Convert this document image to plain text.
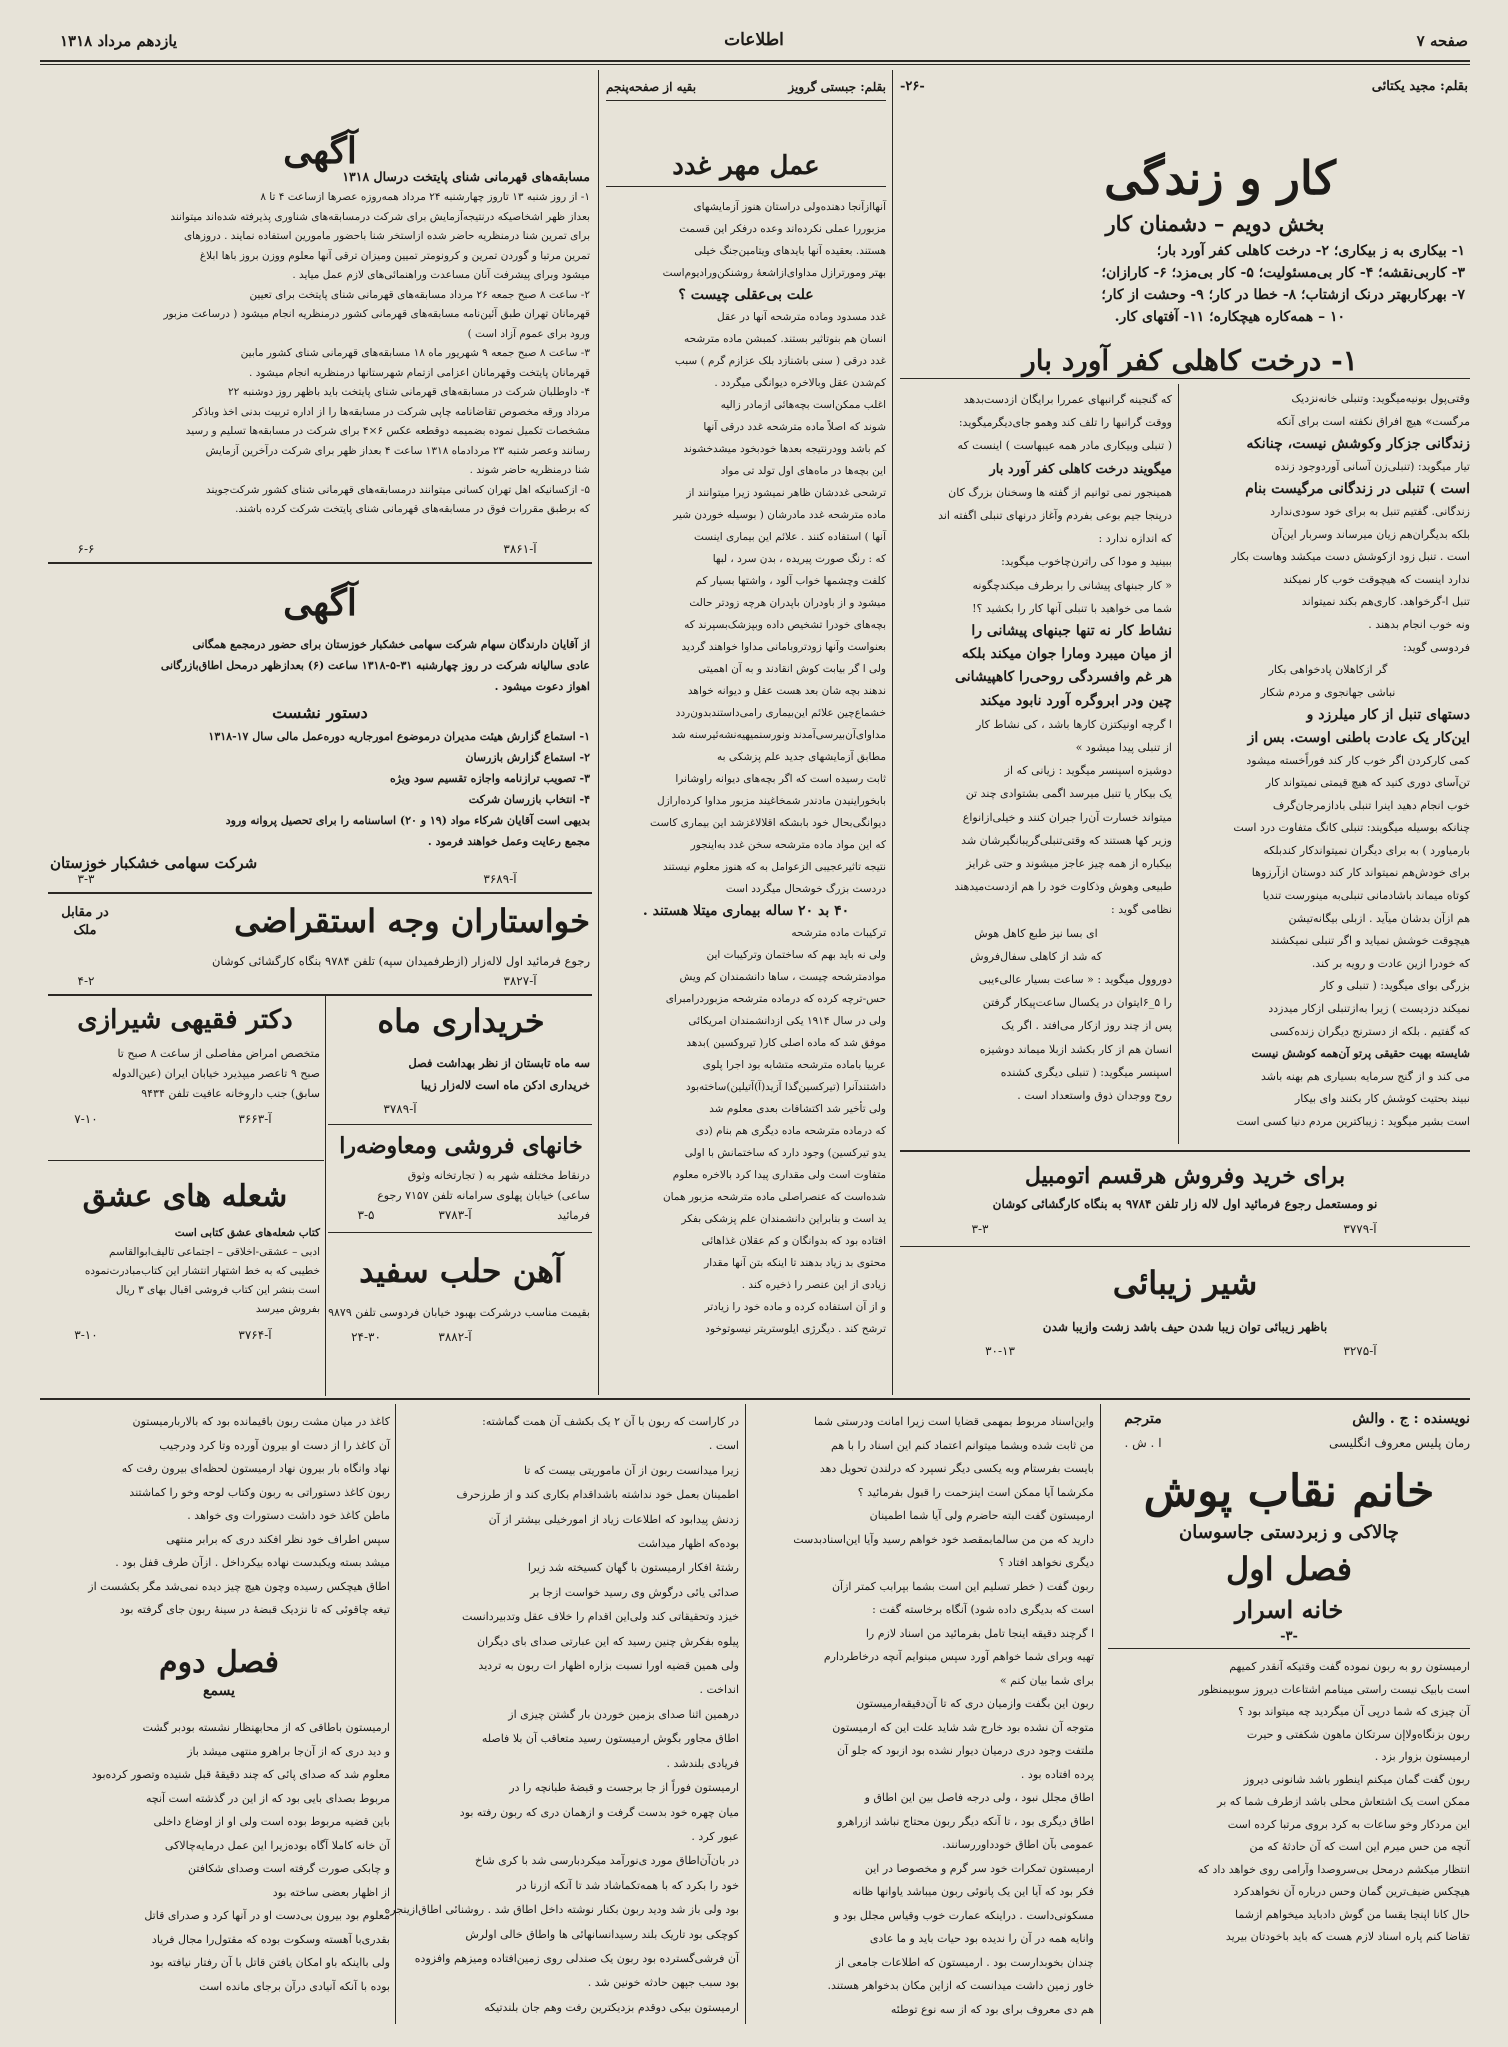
صفحه ۷
اطلاعات
یازدهم مرداد ۱۳۱۸
بقلم: مجید یکتائی
-۲۶-
کار و زندگی
بخش دویم – دشمنان کار

۱- بیکاری به ز بیکاری؛ ۲- درخت کاهلی کفر آورد بار؛

۳- کاربی‌نقشه؛ ۴- کار بی‌مسئولیت؛ ۵- کار بی‌مزد؛ ۶- کارازان؛

۷- بهرکاربهتر درنک ازشتاب؛ ۸- خطا در کار؛ ۹- وحشت از کار؛

۱۰ – همه‌کاره هیچکاره؛ ۱۱- آفتهای کار.

۱- درخت کاهلی کفر آورد بار

وقتی‌پول بونیه‌میگوید: وتنبلی خانه‌نزدیک

مرگست» هیچ افراق نکفته است برای آنکه

زندگانی جزکار وکوشش نیست، چنانکه

تیار میگوید: (تنبلی‌زن آسانی آوردوجود زنده

است ) تنبلی در زندگانی مرگیست بنام

زندگانی. گفتیم تنبل به برای خود سودی‌ندارد

بلکه بدیگران‌هم زیان میرساند وسربار این‌آن

است . تنبل زود از‌کوشش دست میکشد و‌هاست بکار

ندارد اینست که هیچوقت خوب کار نمیکند

تنبل ا-گرخواهد. کاری‌هم بکند نمیتواند

ونه خوب انجام بدهند .

فردوسی گوید:

گر ازکاهلان پادخواهی بکار

نباشی جهانجوی و مردم شکار

دستهای تنبل از کار میلرزد و

این‌کار یک عادت باطنی اوست. بس از

کمی کارکردن اگر خوب کار کند فوراً‌خسته میشود

تن‌آسای دوری کنید که هیچ قیمتی نمیتواند کار

خوب انجام دهید اینرا تنبلی بادازمرجان‌گرف

چنانکه بوسیله میگویند: تنبلی کانگ متفاوت درد است

بارمیاورد ) به برای دیگران نمیتواندکار کندبلکه

برای خودش‌هم نمیتواند کار کند دوستان ازآرزوها

کوتاه میماند باشادمانی تنبلی‌به‌ مینورست تندیا

هم ازآن بدشان میآید . ازبلی بیگانه‌تیشن

هیچوقت خوشش نمیاید و اگر تنبلی نمیکشند

که خودرا ازین عادت و رویه بر کند.

بزرگی بو‌ای میگوید: ( تنبلی و کار

نمیکند دزدیست ) زیرا به‌ازتنبلی ازکار میدزدد

که گفتیم . بلکه از دسترنج دیگران زنده‌کسی

شایسته بهیت حقیقی پرتو آن‌همه کوشش نیست

می کند و از گنج سرمایه بسیاری هم بهنه باشد

نبیند بحتیت کوشش کار بکنند وای بیکار

است بشیر میگوید : زیباکترین مردم دنیا کسی است

که گنجینه گرانبهای عمررا برایگان ازدست‌بدهد

ووقت گرانبها را تلف کند وهمو جای‌دیگرمیگوید:

( تنبلی وبیکاری مادر همه عیبهاست ) اینست که

میگویند درخت کاهلی کفر آورد بار

همینجور نمی توانیم از گفته ها وسخنان بزرگ کان

درپنجا‌ جیم بوعی بفرد‌م وآغاز درنهای تنبلی اگفته اند

که اندازه ندارد :

ببینید و مودا کی راترن‌چاخوب میگوید:

« کار جبنهای پیشانی را برطرف میکند‌چگونه

شما می خواهید با تنبلی آنها‌ کار را بکشید ؟!

نشاط کار نه تنها جبنهای پیشانی را

از میان میبرد ومارا جوان میکند بلکه

هر غم وافسردگی روحی‌را کاهپیشانی

چین ودر ابروگره آورد نابود میکند

ا گرچه اونیکتزن کارها باشد ، کی نشاط کار

از تنبلی پیدا میشود »

دوشیزه اسپنسر میگوید : زیانی که از

یک بیکار یا تنبل میرسد اگمی بشتوادی چند تن

میتواند خسارت آن‌را جبران کنند و خیلی‌از‌انواع

وزیر کها هستند که وقتی‌تنبلی‌گریبانگیرشان شد

بیکباره از همه چیز عاجز میشوند و حتی غرایز

طبیعی وهوش وذکاوت خود را هم ازدست‌میدهند

نظامی گوید :

ای بسا نیز طبع کاهل هوش

که شد از کاهلی سفال‌فروش

دوروول میگوید : « ساعت بسیار عالی‌ءیبی

را ۵_۶ایتوان در یکسال ساعت‌پیکار گرفتن

پس از چند روز ازکار می‌افتد . اگر یک

انسان هم از کار بکشد از‌بلا میماند دوشیزه

اسپنسر میگوید: ( تنبلی دیگری کشنده

روح ووجدان ذوق واستعداد است .

برای خرید وفروش هرقسم اتومبیل
نو ومستعمل رجوع فرمائید اول لاله زار تلفن ۹۷۸۴ به بنگاه کارگشائی کوشان
آ-۳۷۷۹
۳-۳
شیر زیبائی
باظهر زیبائی توان زیبا شدن حیف باشد زشت وازیبا شدن
آ-۳۲۷۵
۳۰-۱۳
بقلم: جبستی گرویز
بقیه از صفحه‌پنجم
عمل مهر غدد

آنها‌ازآنجا دهنده‌ولی دراستان هنوز آزمایشهای

مزبوررا عملی نکرده‌اند وعده درفکر این قسمت

هستند. بعقیده آنها باید‌های ویتامین‌جنگ خیلی

بهتر ومورترازل مداوای‌ازاشعهٔ روشنکن‌ورادیوم‌است

علت بی‌عقلی چیست ؟

غدد مسدود وماده مترشحه آنها در عقل

انسان هم بنوتاثیر بستند. کمبشن ماده مترشحه

غدد درقی ( سنی باشنازد بلک عزازم گرم ) سبب

کم‌شدن عقل وبالاخره دیوانگی میگردد .

اغلب ممکن‌است بچه‌هائی ازمادر زالیه

شوند که اصلاً ماده مترشحه غدد درقی آنها

کم باشد وودرنتیجه بعدها خودبخود میشد‌خشوند

این بچه‌ها در ماه‌های اول تولد تی‌ مواد

ترشحی غددشان ظاهر نمیشود زیرا میتوانند از

ماده مترشحه غدد مادرشان ( بوسیله خوردن شیر

آنها ) استفاده کنند . علائم این بیماری اینست

که : رنگ صورت پیریده ، بدن سرد ، لبها

کلفت وچشمها خواب آلود ، واشتها بسیار کم

میشود و از باودران باپدران هرچه زودتر حالت

بچه‌های خودرا تشخیص داده وبپزشک‌بسپرند که

بعنواست وآنها زودتروبامانی مداوا خواهند گردید

ولی ا گر بیابت کوش انقادند و به آن اهمیتی

ندهند بچه شان بعد هست عقل‌ و دیوانه خواهد

خشماع‌چین علائم این‌بیماری رامی‌داستندبدون‌ردد

مداوای‌آن‌بیرسی‌آمدند ونورسنمیهیه‌نشه‌ئیرسنه شد

مطابق آزمایشهای جدید علم پزشکی به

ثابت رسیده است که اگر بچه‌های دیوانه راوشانرا

بابخوراینیدن مادندر شمخاغیند مزبور مداوا کرده‌ارازل

دیوانگی‌بحال خود بابشکه‌ اقلالاغزشد‌ این بیماری کاست

که این مواد ماده مترشحه سخن غدد به‌اینجور

نتیجه تاثیرعجیبی الزعوامل به که هنوز معلوم نیستند

دردست بزرگ خوشحال میگردد است

۴۰ بد ۲۰ ساله بیماری میتلا هستند .

ترکیبات ماده مترشحه

ولی نه باید بهم که ساختمان وترکیبات این

موادمترشحه چیست ، ساها دانشمندان کم ویش

حس-ترچه‌ کرده که درماده مترشحه مزبوردرامبرای

ولی در سال ۱۹۱۴ یکی ازدانشمندان امریکائی

موفق شد که ماده اصلی کار( تیروکسین )‌بدهد

عربیا باماده مترشحه متشابه بود اجرا پلوی

داشتند‌آنرا (تیرکسین‌گذا‌ آزید(آ)آتیلین)ساخته‌بود

ولی تأخیر شد اکتشافات بعدی معلوم شد

که درماده مترشحه ماده دیگری هم بنام (دی

یدو تیرکسین) وجود دارد که ساختمانش با اولی

متفاوت است ولی مقداری پیدا کرد بالاخره معلوم

شده‌است که عنصراصلی ماده مترشحه مزبور همان

ید است و بنابراین دانشمندان علم پزشکی بفکر

افتاده بود که بدوانگان و کم عقلان غذاهائی

محتوی بد زیاد بدهند تا اینکه بتن آنها مقدار

زیادی از این عنصر را ذخیره کند .

و از آن استفاده کرده و ماده خود را زیادتر

ترشح کند . دیگرژی ایلوستریتر نیسوتوخود

آگهی
مسابقه‌های قهرمانی شنای پایتخت درسال ۱۳۱۸

۱- از روز شنبه ۱۳ تاروز چهارشنبه ۲۴ مرداد همه‌روزه عصرها ازساعت ۴ تا ۸

بعداز ظهر اشخاصیکه درنتیجه‌آزمایش برای شرکت درمسابقه‌های شناوری پذیرفته شده‌اند میتوانند

برای تمرین شنا درمنظریه حاضر شده ازاستخر شنا باحضور مامورین استفاده نمایند . دروزهای

تمرین مرتبا و گوردن تمرین و کرونومتر تمیین ومیزان ترقی آنها معلوم ووزن بروز باها ابلاغ

میشود وبرای پیشرفت آنان مساعدت وراهنمائی‌های لازم عمل میاید .

۲- ساعت ۸ صبح جمعه ۲۶ مرداد مسابقه‌های قهرمانی شنای پایتخت برای تعیین

قهرمانان تهران طبق آئین‌نامه مسابقه‌های قهرمانی کشور درمنظریه انجام میشود ( درساعت مزبور

ورود برای عموم آزاد است )

۳- ساعت ۸ صبح جمعه ۹ شهریور ماه ۱۸ مسابقه‌های قهرمانی شنای کشور مابین

قهرمانان پایتخت وقهرمانان اعزامی ازتمام شهرستانها درمنظریه انجام میشود .

۴- داوطلبان شرکت در مسابقه‌های قهرمانی شنای پایتخت باید باظهر روز دوشنبه ۲۲

مرداد ورقه مخصوص تقاضانامه چاپی شرکت در مسابقه‌ها را از اداره تربیت بدنی اخذ وباذکر

مشخصات تکمیل نموده بضمیمه دوقطعه عکس ۶×۴ برای شرکت در مسابقه‌ها تسلیم و رسید

رسانند وعصر شنبه ۲۳ مردادماه ۱۳۱۸ ساعت ۴ بعداز ظهر برای شرکت درآخرین آزمایش

شنا درمنظریه حاضر شوند .

۵- ازکسانیکه اهل تهران کسانی میتوانند درمسابقه‌های قهرمانی شنای کشور شرکت‌جویند

که برطبق مقررات فوق در مسابقه‌های قهرمانی شنای پایتخت شرکت کرده باشند.

آ-۳۸۶۱
۶-۶
آگهی

از آقایان دارندگان سهام شرکت سهامی خشکبار خوزستان برای حضور درمجمع همگانی

عادی سالیانه شرکت در روز چهارشنبه ۳۱-۵-۱۳۱۸ ساعت (۶) بعدازظهر درمحل اطاق‌بازرگانی

اهواز دعوت میشود .

دستور نشست

۱- استماع گزارش هیئت مدیران درموضوع امورجاریه دوره‌عمل مالی سال ۱۷-۱۳۱۸

۲- استماع گزارش بازرسان

۳- تصویب ترازنامه واجازه تقسیم سود ویژه

۴- انتخاب بازرسان شرکت

بدیهی است آقایان شرکاء مواد (۱۹ و ۲۰) اساسنامه را برای تحصیل پروانه ورود

مجمع رعایت وعمل خواهند فرمود .

شرکت سهامی خشکبار خوزستان
آ-۳۶۸۹
۳-۳
خواستاران وجه استقراضی
در مقابل ملک
رجوع فرمائید اول لاله‌زار (ازطرفمیدان سپه) تلفن ۹۷۸۴ بنگاه کارگشائی کوشان
آ-۳۸۲۷
۴-۲
خریداری ماه

سه ماه تابستان از نظر بهداشت فصل

خریداری ادکن ماه است لاله‌زار زیبا

آ-۳۷۸۹
خانهای فروشی ومعاوضه‌را

درنقاط مختلفه شهر به ( تجارتخانه وثوق

ساعی) خیابان پهلوی سرامانه تلفن ۷۱۵۷ رجوع

فرمائید

آ-۳۷۸۳
۳-۵
آهن حلب سفید
بقیمت مناسب درشرکت بهبود خیابان فردوسی تلفن ۹۸۷۹
آ-۳۸۸۲
۲۴-۳۰
دکتر فقیهی شیرازی

متخصص امراض مفاصلی از ساعت ۸ صبح تا

صبح ۹ تاعصر میپذیرد خیابان ایران (عین‌الدوله

سابق) جنب داروخانه عافیت تلفن ۹۴۳۴

آ-۳۶۶۳
۷-۱۰
شعله های عشق

کتاب شعله‌های عشق کتابی است

ادبی – عشقی-اخلاقی – اجتماعی تالیف‌ابوالقاسم

خطیبی که به خط اشتهار انتشار این کتاب‌مبادرت‌نموده

است بنشر این کتاب فروشی اقبال بهای ۳ ریال

بفروش میرسد

آ-۳۷۶۴
۳-۱۰
نویسنده : ج . والش
مترجم
رمان پلیس معروف انگلیسی
ا . ش .
خانم نقاب پوش
چالاکی و زبردستی جاسوسان
فصل اول
خانه اسرار
-۳-

ارمیستون رو به ربون نموده گفت وقتیکه آنقدر کمیهم

است بابیک نیست راستی مینامم اشتاعات دیروز سو‌بیمنظور

آن چیزی که شما درپی آن میگردید چه میتواند بود ؟

ربون بزنگاه‌ولاإن سرتکان ماهون شکفتی و حیرت

ارمیستون بزوار بزد .

ربون گفت گمان میکنم اینطور باشد شانونی دیروز

ممکن است یک اشتعاش محلی باشد ازطرف شما که بر

این مرد‌کار وخو ساعات به کرد بروی مرتبا کرده است

آنچه من حس میرم این است که آن حادثهٔ که من

انتظار میکشم درمحل بی‌سروصدا وآرامی روی خواهد داد که

هیچکس ضیف‌ترین گمان وحس درباره آن نخواهدکرد

حال کانا اپنجا یقسا من گوش دادباید میخواهم ازشما

تقاضا کنم پاره اسناد لازم هست که باید باخودتان بیرید

واین‌اسناد مربوط بمهمی قضایا است زیرا امانت ودرستی شما

من ثابت شده وبشما میتوانم اعتماد کنم این اسناد را با هم

بایست بفرستام وبه یکسی دیگر نسپرد که درلندن تحویل دهد

مکرشما آیا ممکن است اینزحمت را قبول بفرمائید ؟

ارمیستون گفت البته حاضرم ولی آیا شما اطمینان

دارید که من من سالمابمقصد خود خواهم رسید وآیا این‌اسنادبدست

دیگری نخواهد افتاد ؟

ربون گفت ( خطر تسلیم این است بشما بپرابب کمتر ازآن

است که بدیگری داده شود) آنگاه برخاسته گفت :

ا گرچند دقیقه اینجا تامل بفرمائید من اسناد لازم را

تهیه وبرای شما خواهم آورد سپس مبنوایم آنچه درخاطردارم

برای شما بیان کنم »

ربون این بگفت وازمیان دری که تا آن‌دقیقه‌ارمیستون

متوجه آن نشده بود خارج شد شاید علت این که ارمیستون

ملتفت وجود دری درمیان دیوار نشده بود ازبود که جلو آن

پرده افتاده بود .

اطاق مجلل نبود ، ولی درجه فاصل بین این اطاق و

اطاق دیگری بود ، تا آنکه دیگر ربون محتاج نباشد ازراهرو

عمومی بآن اطاق خود‌داوررسانند.

ارمیستون تمکرات خود سر گرم و مخصوصا در این

فکر بود که آیا این یک پانوئی ربون میباشد یاوانها ظانه

مسکونی‌داست . دراینکه عمارت خوب وقیاس مجلل بود و

وانایه همه در آن را ندیده بود حیات باید و ما عادی

چندان بخوبدارست بود . ارمیستون که اطلاعات جامعی از

خاور زمین داشت میدانست که ازاین مکان بدخواهر هستند.

هم دی معروف برای بود که از سه نوع توطئه

در کاراست که ربون با آن ۲ یک بکشف آن همت گماشته:

است .

زیرا میدانست ربون از آن ماموریتی بیست که تا

اطمینان بعمل خود نداشته باشداقدام بکاری کند و از طرزحرف

زدنش پیدابود که اطلاعات زیاد از امورخیلی بیشتر از آن

بوده‌که اظهار میداشت

رشتهٔ افکار ارمیستون با گهان کسیخته شد زیرا

صدائی یائی درگوش وی رسید خواست ازجا بر

خیزد وتحقیقاتی کند ولی‌این اقدام را خلاف عقل وتدبیردانست

پیلوه بفکرش چنین رسید که این عبارتی صدای بای دیگران

ولی همین قضیه اورا نسبت بزاره اظهار ات ربون به تردید

انداخت .

درهمین اثنا صدای بزمین خوردن بار گشتن چیزی از

اطاق مجاور بگوش ارمیستون رسید متعاقب آن بلا فاصله

فریادی بلندشد .

ارمیستون فوراً از جا برجست و قبضهٔ طبانچه را در

میان چهره خود بدست گرفت و ازهمان دری که ربون رفته بود

عبور کرد .

در بان‌آن‌اطاق مورد ی‌نورآمد میکردبارسی شد با کری شاخ

خود را بکرد که با همه‌تکماشاد شد تا آنکه ازرنا در

بود ولی باز شد ودید ربون بکنار نوشته‌ داخل اطاق شد . روشنائی اطاق‌ازینجره

کوچکی بود تاریک بلند رسیدانسانهائی ها واطاق خالی اولرش

آن فرشی‌گسترده بود ربون یک صندلی روی زمین‌افتاده ومیزهم وافزوده

بود سبب جپهن حادثه خونین شد .

ارمیستون بیکی دوقدم بزدیکترین رفت وهم جان بلندتیکه

کاغذ در میان مشت ربون باقیمانده بود که بالاربارمیستون

آن کاغذ را از دست او بیرون آورده وتا کرد ودرجیب

نهاد وانگاه بار بیرون نهاد ارمیستون لحظه‌ای بیرون رفت که

ربون کاغذ دستوراتی به ربون وکتاب لوحه وخو را کماشتند

ماطن کاغذ خود داشت دستورات وی خواهد .

سپس اطراف خود نظر افکند دری که برابر منتهی

میشد بسته ویکبدست نهاده بیکرداخل . ازآن طرف قفل بود .

اطاق هیچکس رسیده وچون هیچ چیز دیده نمی‌شد مگر بکشست از

تیغه چاقوئی که تا نزدیک قبضهٔ در سینهٔ ربون جای گرفته بود

فصل دوم
یسمع

ارمیستون باطاقی که از محابهنظار نشسته بودبر گشت

و دید دری که از آن‌جا بر‌اهرو منتهی میشد باز

معلوم شد که صدای پائی که چند دقیقهٔ قبل شنیده وتصور کرده‌بود

مربوط بصدای بایی بود که از این در گذشته است آنچه

باین قضیه مربوط بوده است ولی‌ او از اوضاع داخلی

آن خانه کاملا آگاه بوده‌زیرا این عمل درمایه‌چالاکی

و چابکی صورت گرفته است وصدای شکافتن

از اظهار بعضی ساخته بود

معلوم بود بیرون بی‌دست او در آنها کرد و صدرای قاتل

بقدری‌با آهسته وسکوت بوده که مقتول‌را مجال فریاد

ولی بااینکه باو امکان یافتن قاتل با آن رفتار نیافته بود

بوده با آنکه آنیادی درآن برجای مانده است
